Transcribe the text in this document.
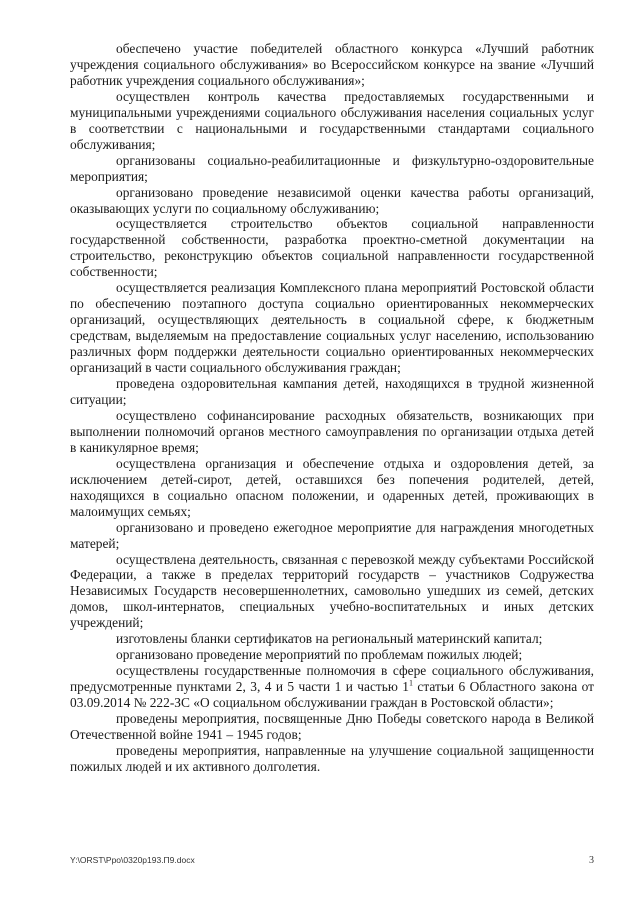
обеспечено участие победителей областного конкурса «Лучший работник учреждения социального обслуживания» во Всероссийском конкурсе на звание «Лучший работник учреждения социального обслуживания»;

осуществлен контроль качества предоставляемых государственными и муниципальными учреждениями социального обслуживания населения социальных услуг в соответствии с национальными и государственными стандартами социального обслуживания;

организованы социально-реабилитационные и физкультурно-оздоровительные мероприятия;

организовано проведение независимой оценки качества работы организаций, оказывающих услуги по социальному обслуживанию;

осуществляется строительство объектов социальной направленности государственной собственности, разработка проектно-сметной документации на строительство, реконструкцию объектов социальной направленности государственной собственности;

осуществляется реализация Комплексного плана мероприятий Ростовской области по обеспечению поэтапного доступа социально ориентированных некоммерческих организаций, осуществляющих деятельность в социальной сфере, к бюджетным средствам, выделяемым на предоставление социальных услуг населению, использованию различных форм поддержки деятельности социально ориентированных некоммерческих организаций в части социального обслуживания граждан;

проведена оздоровительная кампания детей, находящихся в трудной жизненной ситуации;

осуществлено софинансирование расходных обязательств, возникающих при выполнении полномочий органов местного самоуправления по организации отдыха детей в каникулярное время;

осуществлена организация и обеспечение отдыха и оздоровления детей, за исключением детей-сирот, детей, оставшихся без попечения родителей, детей, находящихся в социально опасном положении, и одаренных детей, проживающих в малоимущих семьях;

организовано и проведено ежегодное мероприятие для награждения многодетных матерей;

осуществлена деятельность, связанная с перевозкой между субъектами Российской Федерации, а также в пределах территорий государств – участников Содружества Независимых Государств несовершеннолетних, самовольно ушедших из семей, детских домов, школ-интернатов, специальных учебно-воспитательных и иных детских учреждений;

изготовлены бланки сертификатов на региональный материнский капитал;

организовано проведение мероприятий по проблемам пожилых людей;

осуществлены государственные полномочия в сфере социального обслуживания, предусмотренные пунктами 2, 3, 4 и 5 части 1 и частью $1^1$ статьи 6 Областного закона от 03.09.2014 № 222-ЗС «О социальном обслуживании граждан в Ростовской области»;

проведены мероприятия, посвященные Дню Победы советского народа в Великой Отечественной войне 1941 – 1945 годов;

проведены мероприятия, направленные на улучшение социальной защищенности пожилых людей и их активного долголетия.

Y:\ORST\Ppo\0320p193.П9.docx	3
